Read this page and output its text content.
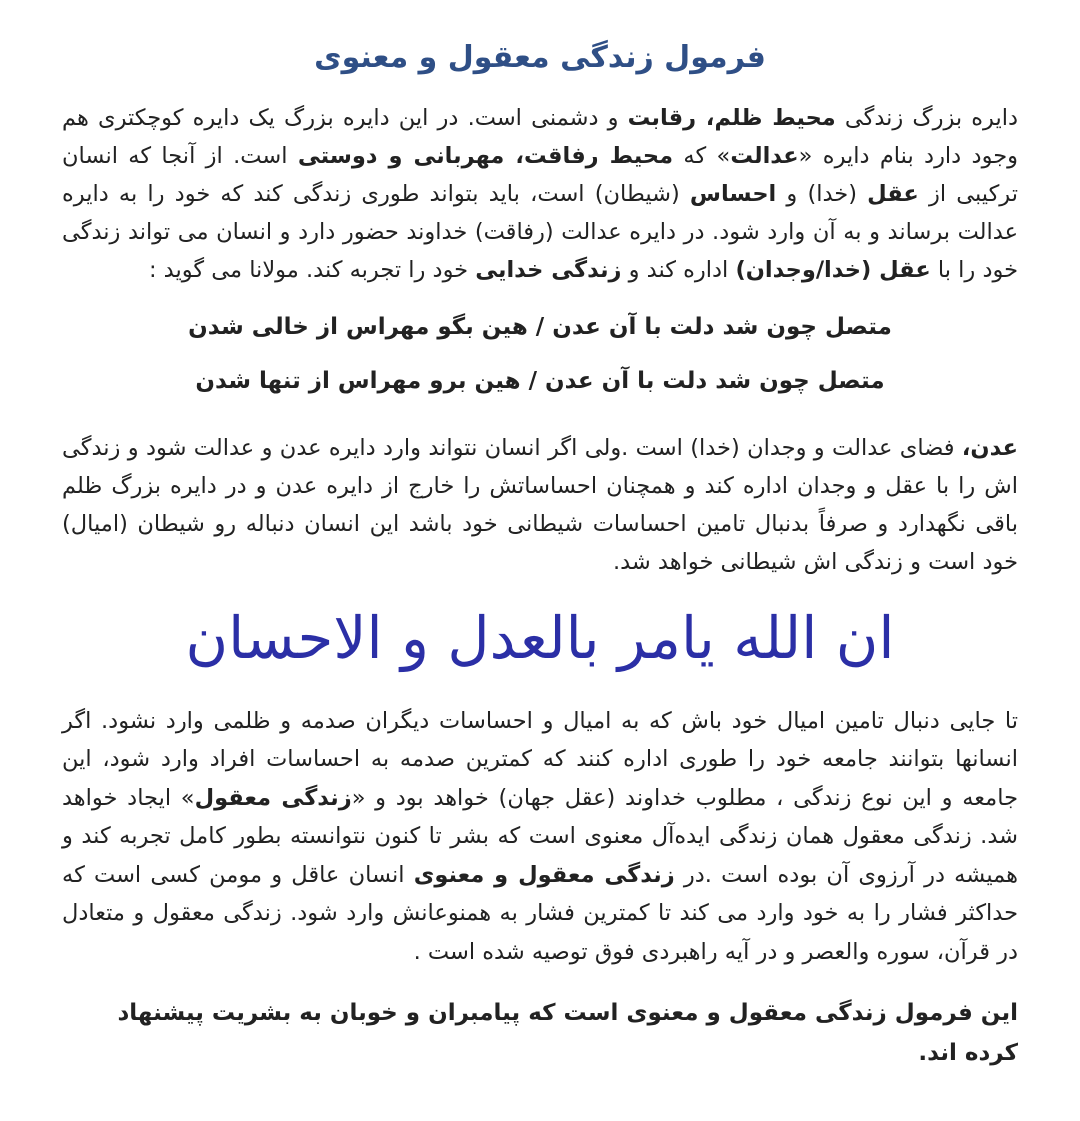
فرمول زندگی معقول و معنوی

دایره بزرگ زندگی محیط ظلم، رقابت و دشمنی است. در این دایره بزرگ یک دایره کوچکتری هم وجود دارد بنام دایره «عدالت» که محیط رفاقت، مهربانی و دوستی است. از آنجا که انسان ترکیبی از عقل (خدا) و احساس (شیطان) است، باید بتواند طوری زندگی کند که خود را به دایره عدالت برساند و به آن وارد شود. در دایره عدالت (رفاقت) خداوند حضور دارد و انسان می تواند زندگی خود را با عقل (خدا/وجدان) اداره کند و زندگی خدایی خود را تجربه کند. مولانا می گوید :

متصل چون شد دلت با آن عدن / هین بگو مهراس از خالی شدن
متصل چون شد دلت با آن عدن / هین برو مهراس از تنها شدن

عدن، فضای عدالت و وجدان (خدا) است .ولی اگر انسان نتواند وارد دایره عدن و عدالت شود و زندگی اش را با عقل و وجدان اداره کند و همچنان احساساتش را خارج از دایره عدن و در دایره بزرگ ظلم باقی نگهدارد و صرفاً بدنبال تامین احساسات شیطانی خود باشد این انسان دنباله رو شیطان (امیال) خود است و زندگی اش شیطانی خواهد شد.

ان الله یامر بالعدل و الاحسان

تا جایی دنبال تامین امیال خود باش که به امیال و احساسات دیگران صدمه و ظلمی وارد نشود. اگر انسانها بتوانند جامعه خود را طوری اداره کنند که کمترین صدمه به احساسات افراد وارد شود، این جامعه و این نوع زندگی ، مطلوب خداوند (عقل جهان) خواهد بود و «زندگی معقول» ایجاد خواهد شد. زندگی معقول همان زندگی ایده‌آل معنوی است که بشر تا کنون نتوانسته بطور کامل تجربه کند و همیشه در آرزوی آن بوده است .در زندگی معقول و معنوی انسان عاقل و مومن کسی است که حداکثر فشار را به خود وارد می کند تا کمترین فشار به همنوعانش وارد شود. زندگی معقول و متعادل در قرآن، سوره والعصر و در آیه راهبردی فوق توصیه شده است .

این فرمول زندگی معقول و معنوی است که پیامبران و خوبان به بشریت پیشنهاد کرده اند.
